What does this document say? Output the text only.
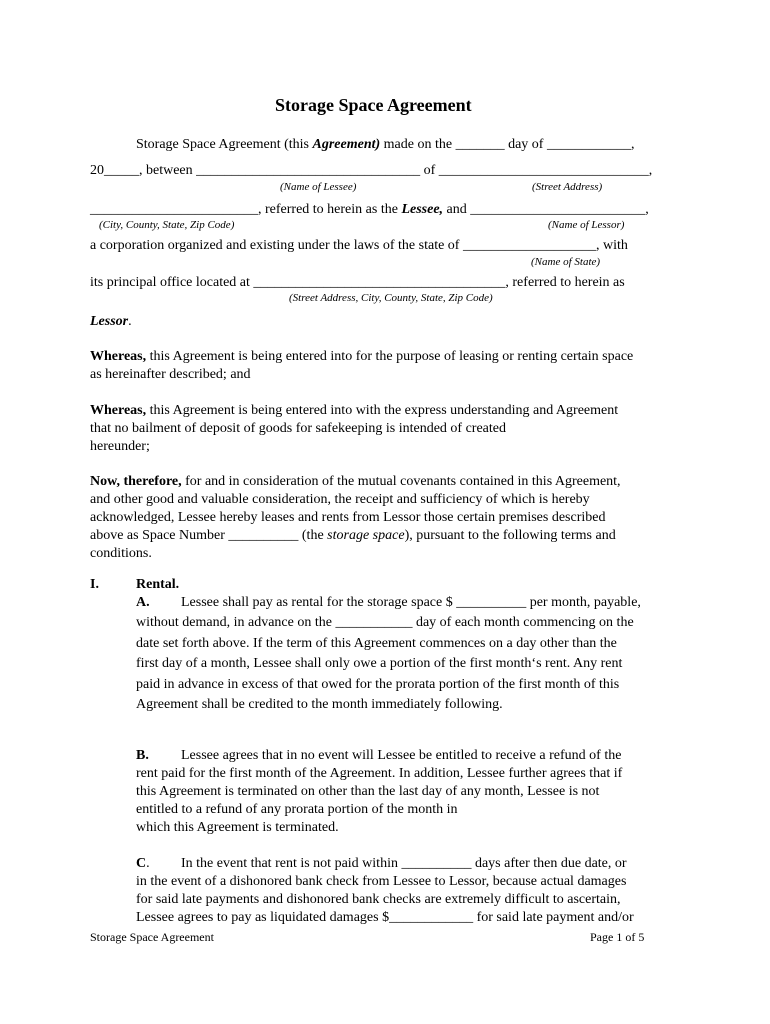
Storage Space Agreement
Storage Space Agreement (this Agreement) made on the _______ day of ____________,
20_____, between ________________________________ of ______________________________,
(Name of Lessee)	(Street Address)
________________________, referred to herein as the Lessee, and _________________________,
(City, County, State, Zip Code)	(Name of Lessor)
a corporation organized and existing under the laws of the state of ___________________, with
(Name of State)
its principal office located at ____________________________________, referred to herein as
(Street Address, City, County, State, Zip Code)
Lessor.
Whereas, this Agreement is being entered into for the purpose of leasing or renting certain space
as hereinafter described; and
Whereas, this Agreement is being entered into with the express understanding and Agreement
that no bailment of deposit of goods for safekeeping is intended of created
hereunder;
Now, therefore, for and in consideration of the mutual covenants contained in this Agreement,
and other good and valuable consideration, the receipt and sufficiency of which is hereby
acknowledged, Lessee hereby leases and rents from Lessor those certain premises described
above as Space Number __________ (the storage space), pursuant to the following terms and
conditions.
I.	Rental.
A. Lessee shall pay as rental for the storage space $ __________ per month, payable,
without demand, in advance on the ___________ day of each month commencing on the
date set forth above. If the term of this Agreement commences on a day other than the
first day of a month, Lessee shall only owe a portion of the first month‘s rent. Any rent
paid in advance in excess of that owed for the prorata portion of the first month of this
Agreement shall be credited to the month immediately following.
B. Lessee agrees that in no event will Lessee be entitled to receive a refund of the
rent paid for the first month of the Agreement. In addition, Lessee further agrees that if
this Agreement is terminated on other than the last day of any month, Lessee is not
entitled to a refund of any prorata portion of the month in
which this Agreement is terminated.
C. In the event that rent is not paid within __________ days after then due date, or
in the event of a dishonored bank check from Lessee to Lessor, because actual damages
for said late payments and dishonored bank checks are extremely difficult to ascertain,
Lessee agrees to pay as liquidated damages $____________ for said late payment and/or
Storage Space Agreement	Page 1 of 5
